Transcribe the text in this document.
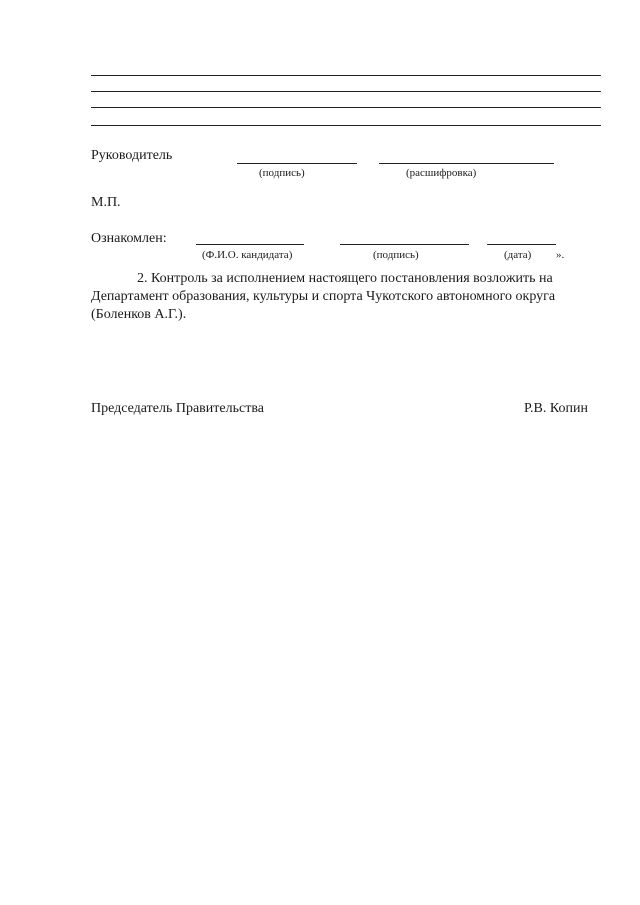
Руководитель
(подпись)	(расшифровка)
М.П.
Ознакомлен:
(Ф.И.О. кандидата)	(подпись)	(дата) ».
2. Контроль за исполнением настоящего постановления возложить на
Департамент образования, культуры и спорта Чукотского автономного округа
(Боленков А.Г.).
Председатель Правительства	Р.В. Копин
